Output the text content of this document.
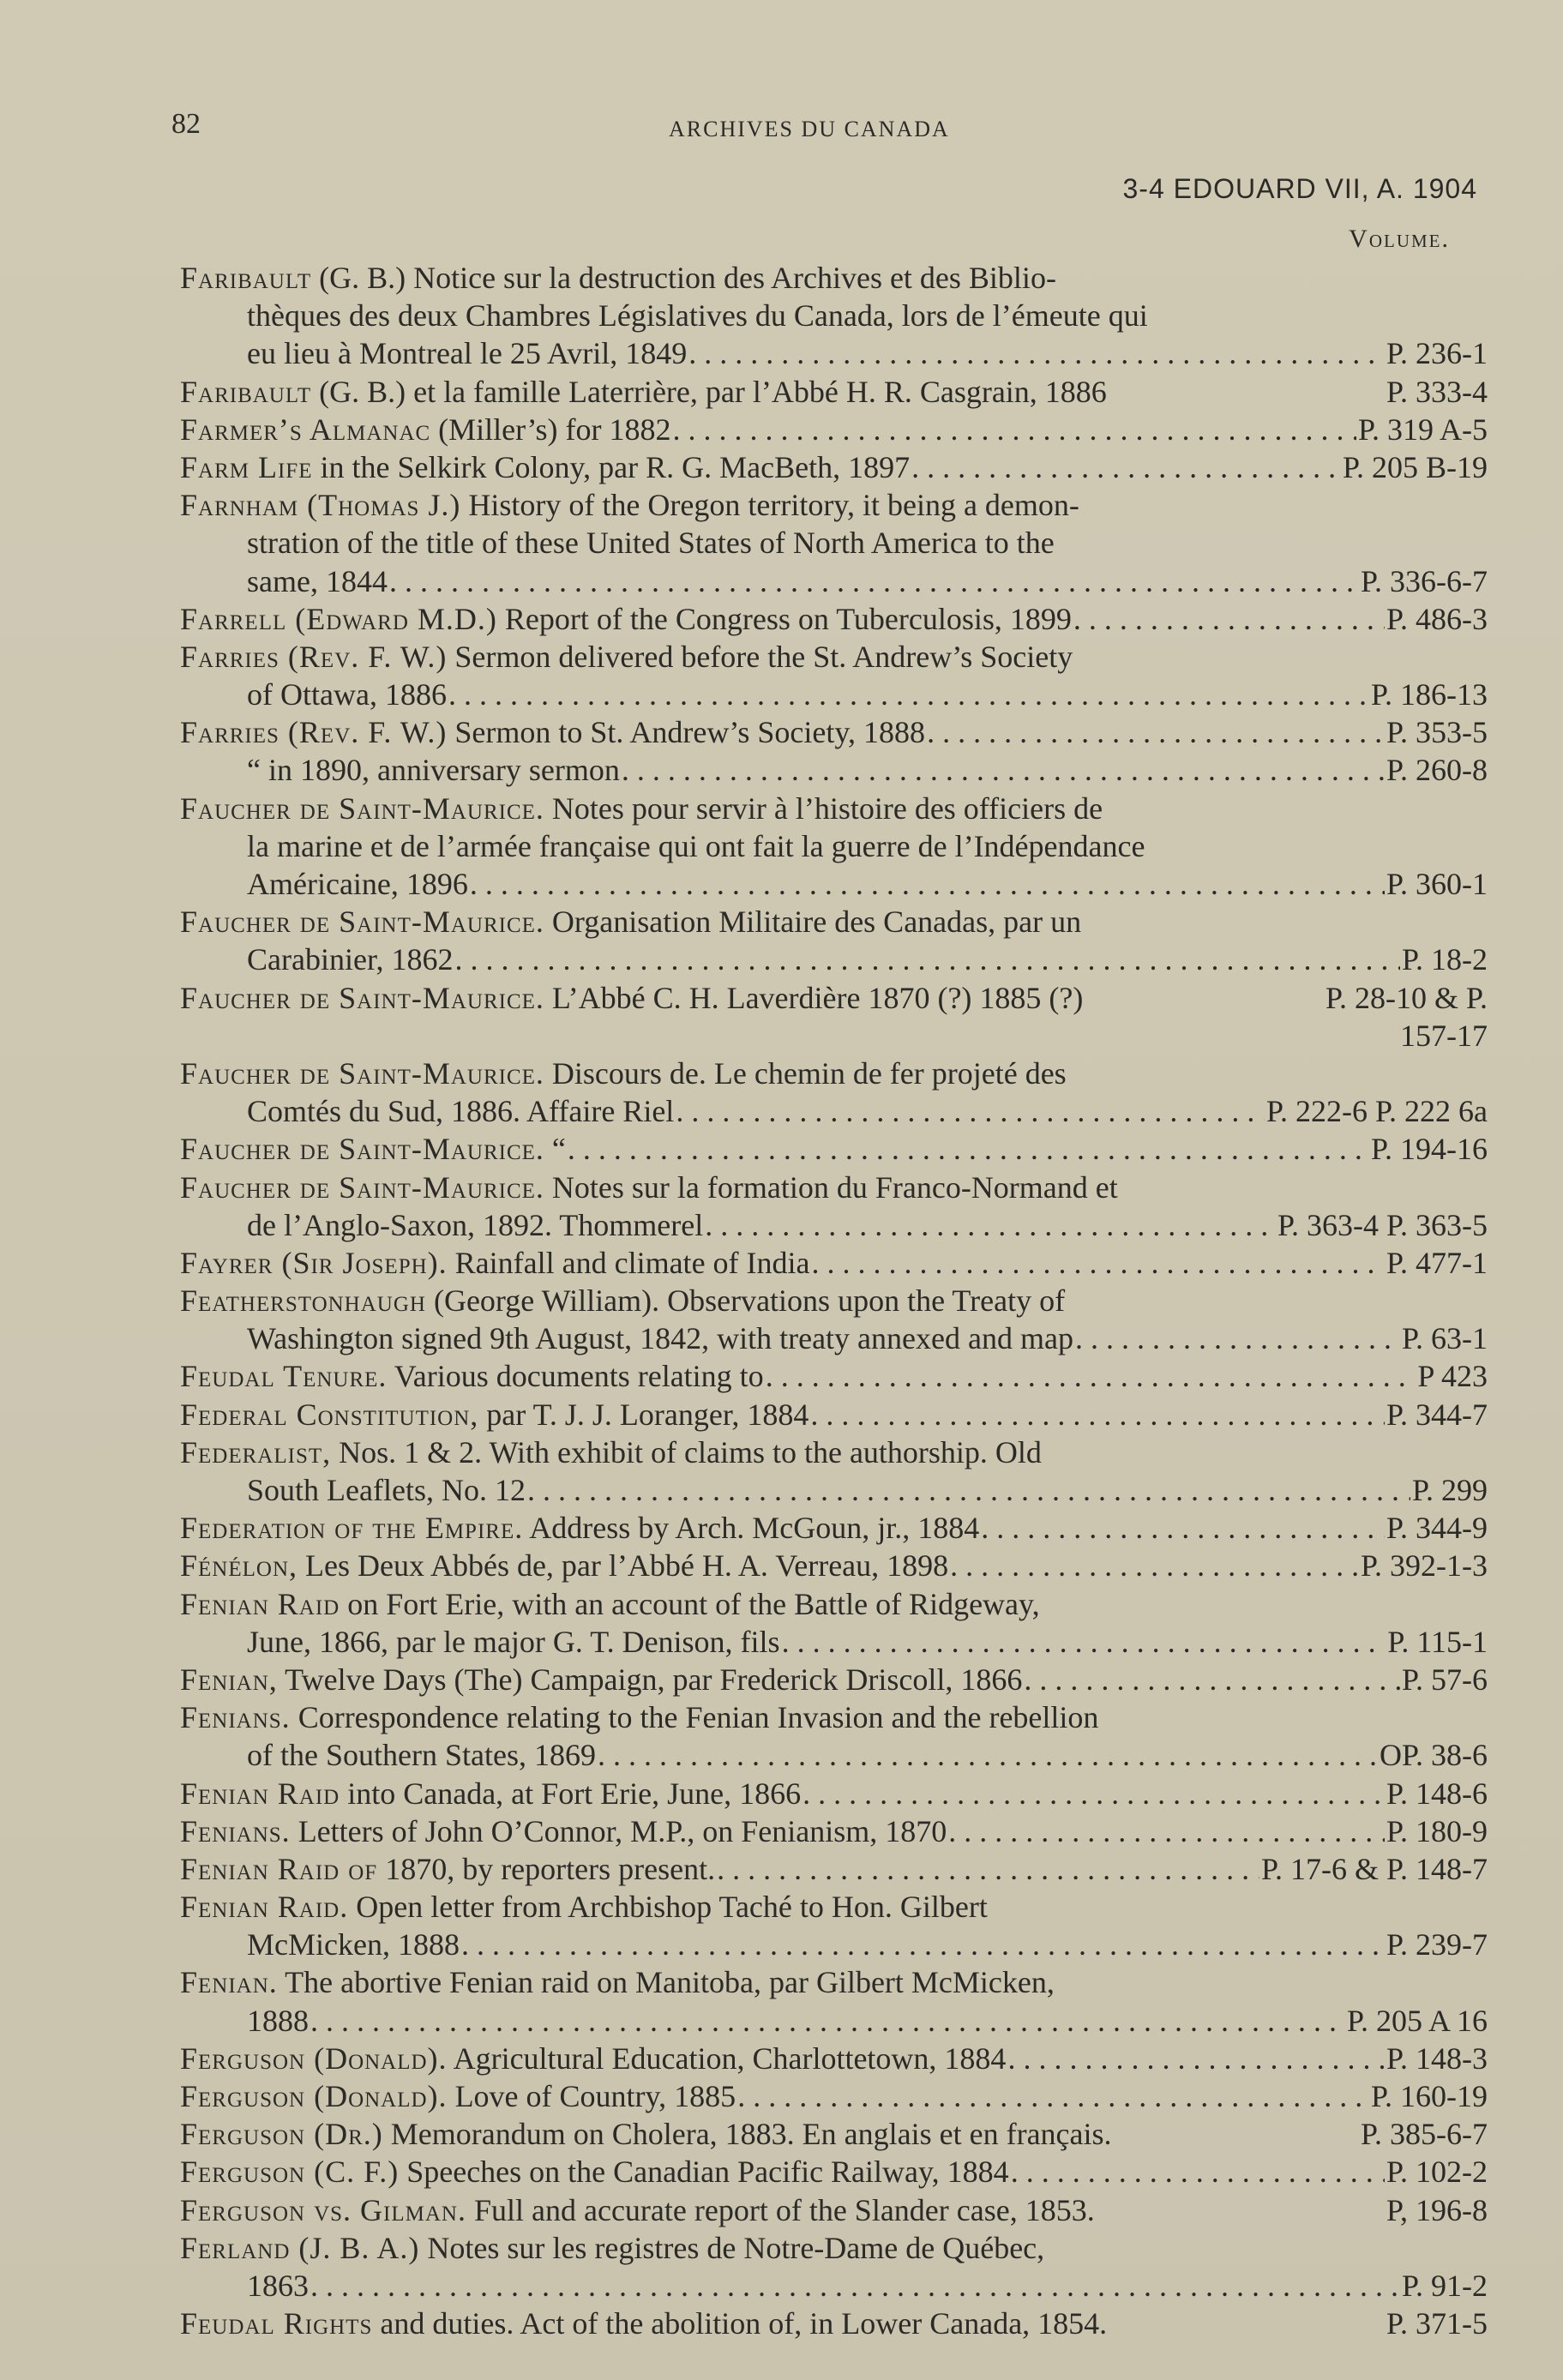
82	ARCHIVES DU CANADA
3-4 EDOUARD VII, A. 1904
Volume.
Faribault (G. B.) Notice sur la destruction des Archives et des Biblio-
thèques des deux Chambres Législatives du Canada, lors de l’émeute qui
eu lieu à Montreal le 25 Avril, 1849 . . .	P. 236-1
Faribault (G. B.) et la famille Laterrière, par l’Abbé H. R. Casgrain, 1886	P. 333-4
Farmer’s Almanac (Miller’s) for 1882 . . .	P. 319 A-5
Farm Life in the Selkirk Colony, par R. G. MacBeth, 1897 . . .	P. 205 B-19
Farnham (Thomas J.) History of the Oregon territory, it being a demon-
stration of the title of these United States of North America to the
same, 1844 . . .	P. 336-6-7
Farrell (Edward M.D.) Report of the Congress on Tuberculosis, 1899 . . .	P. 486-3
Farries (Rev. F. W.) Sermon delivered before the St. Andrew’s Society
of Ottawa, 1886 . . .	P. 186-13
Farries (Rev. F. W.) Sermon to St. Andrew’s Society, 1888 . . .	P. 353-5
“ in 1890, anniversary sermon . . .	P. 260-8
Faucher de Saint-Maurice. Notes pour servir à l’histoire des officiers de
la marine et de l’armée française qui ont fait la guerre de l’Indépendance
Américaine, 1896 . . .	P. 360-1
Faucher de Saint-Maurice. Organisation Militaire des Canadas, par un
Carabinier, 1862 . . .	P. 18-2
Faucher de Saint-Maurice. L’Abbé C. H. Laverdière 1870 (?) 1885 (?)	P. 28-10 & P.
157-17
Faucher de Saint-Maurice. Discours de. Le chemin de fer projeté des
Comtés du Sud, 1886. Affaire Riel . . .	P. 222-6 P. 222 6a
Faucher de Saint-Maurice. “ . . .	P. 194-16
Faucher de Saint-Maurice. Notes sur la formation du Franco-Normand et
de l’Anglo-Saxon, 1892. Thommerel . . .	P. 363-4 P. 363-5
Fayrer (Sir Joseph). Rainfall and climate of India . . .	P. 477-1
Featherstonhaugh (George William). Observations upon the Treaty of
Washington signed 9th August, 1842, with treaty annexed and map . . .	P. 63-1
Feudal Tenure. Various documents relating to . . .	P 423
Federal Constitution, par T. J. J. Loranger, 1884 . . .	P. 344-7
Federalist, Nos. 1 & 2. With exhibit of claims to the authorship. Old
South Leaflets, No. 12 . . .	P. 299
Federation of the Empire. Address by Arch. McGoun, jr., 1884 . . .	P. 344-9
Fénélon, Les Deux Abbés de, par l’Abbé H. A. Verreau, 1898 . . .	P. 392-1-3
Fenian Raid on Fort Erie, with an account of the Battle of Ridgeway,
June, 1866, par le major G. T. Denison, fils . . .	P. 115-1
Fenian, Twelve Days (The) Campaign, par Frederick Driscoll, 1866 . . .	P. 57-6
Fenians. Correspondence relating to the Fenian Invasion and the rebellion
of the Southern States, 1869 . . .	OP. 38-6
Fenian Raid into Canada, at Fort Erie, June, 1866 . . .	P. 148-6
Fenians. Letters of John O’Connor, M.P., on Fenianism, 1870 . . .	P. 180-9
Fenian Raid of 1870, by reporters present. . . .	P. 17-6 & P. 148-7
Fenian Raid. Open letter from Archbishop Taché to Hon. Gilbert
McMicken, 1888 . . .	P. 239-7
Fenian. The abortive Fenian raid on Manitoba, par Gilbert McMicken,
1888 . . .	P. 205 A 16
Ferguson (Donald). Agricultural Education, Charlottetown, 1884 . . .	P. 148-3
Ferguson (Donald). Love of Country, 1885 . . .	P. 160-19
Ferguson (Dr.) Memorandum on Cholera, 1883. En anglais et en français.	P. 385-6-7
Ferguson (C. F.) Speeches on the Canadian Pacific Railway, 1884 . . .	P. 102-2
Ferguson vs. Gilman. Full and accurate report of the Slander case, 1853.	P, 196-8
Ferland (J. B. A.) Notes sur les registres de Notre-Dame de Québec,
1863 . . .	P. 91-2
Feudal Rights and duties. Act of the abolition of, in Lower Canada, 1854.	P. 371-5
